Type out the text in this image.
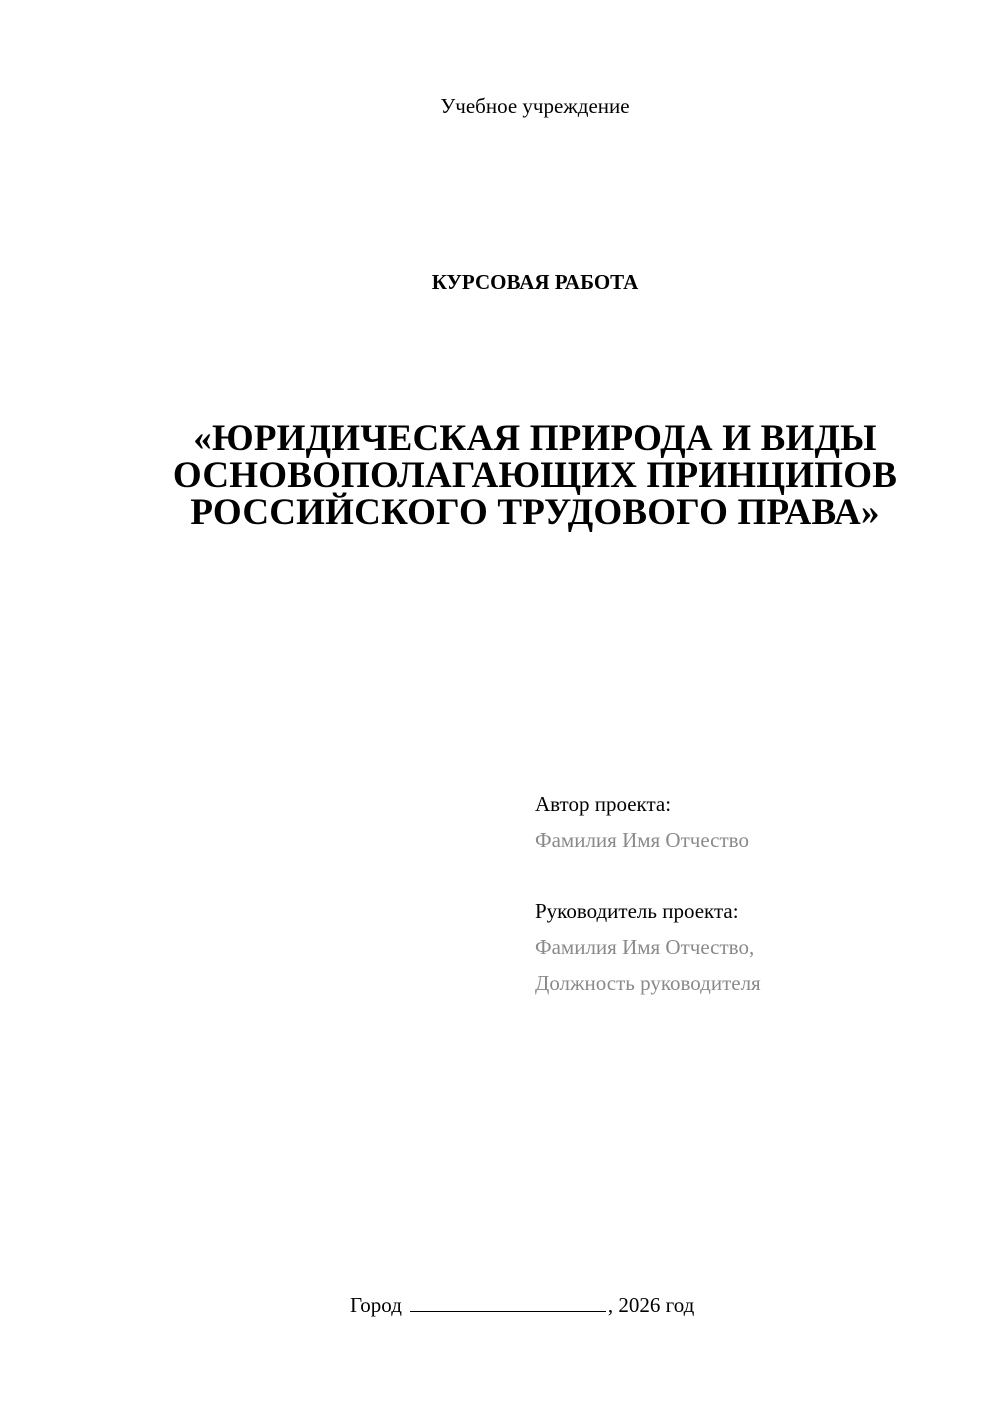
Учебное учреждение
КУРСОВАЯ РАБОТА
«ЮРИДИЧЕСКАЯ ПРИРОДА И ВИДЫ
ОСНОВОПОЛАГАЮЩИХ ПРИНЦИПОВ
РОССИЙСКОГО ТРУДОВОГО ПРАВА»
Автор проекта:
Фамилия Имя Отчество
Руководитель проекта:
Фамилия Имя Отчество,
Должность руководителя
Город	, 2026 год
